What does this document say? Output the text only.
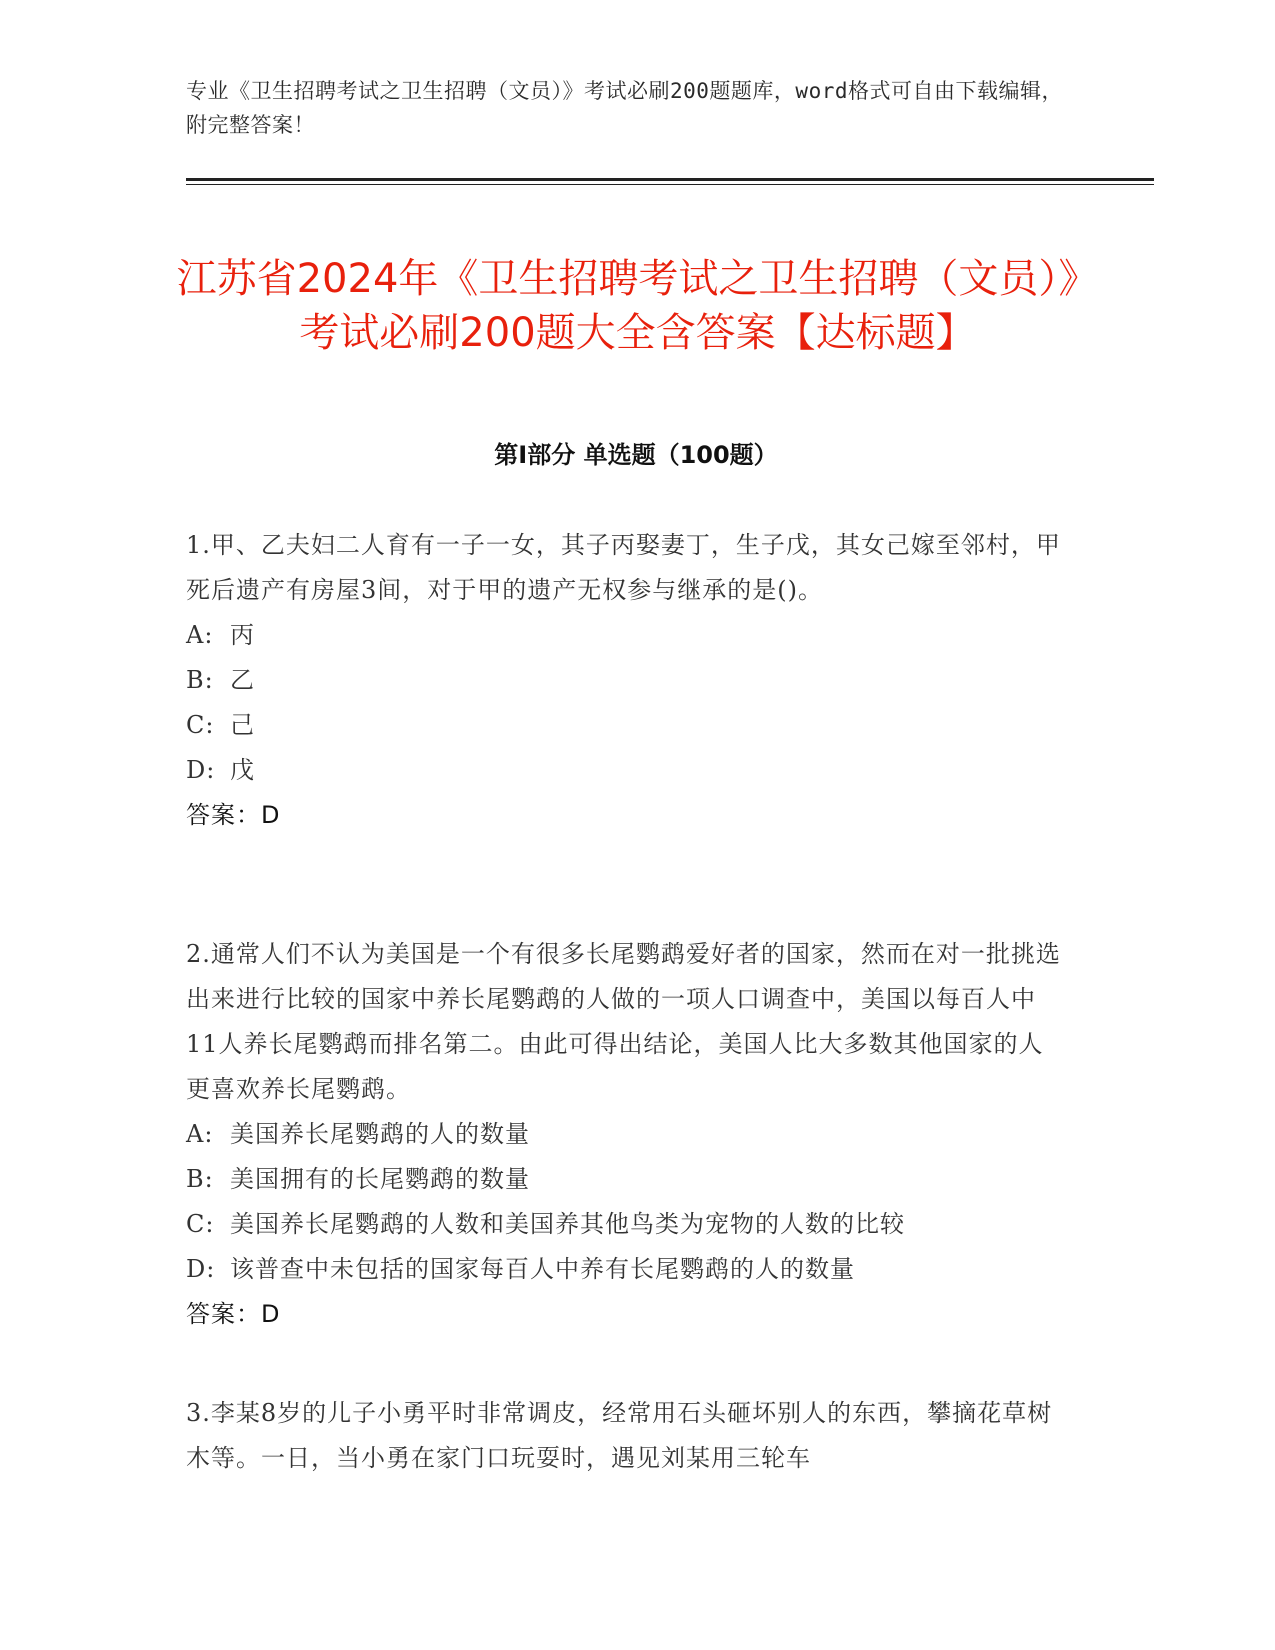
专业《卫生招聘考试之卫生招聘（文员）》考试必刷200题题库，word格式可自由下载编辑，附完整答案！
江苏省2024年《卫生招聘考试之卫生招聘（文员）》考试必刷200题大全含答案【达标题】
第I部分 单选题（100题）

1.甲、乙夫妇二人育有一子一女，其子丙娶妻丁，生子戊，其女己嫁至邻村，甲死后遗产有房屋3间，对于甲的遗产无权参与继承的是()。

A: 丙
B: 乙
C: 己
D: 戊

答案：D

2.通常人们不认为美国是一个有很多长尾鹦鹉爱好者的国家，然而在对一批挑选出来进行比较的国家中养长尾鹦鹉的人做的一项人口调查中，美国以每百人中11人养长尾鹦鹉而排名第二。由此可得出结论，美国人比大多数其他国家的人更喜欢养长尾鹦鹉。

A: 美国养长尾鹦鹉的人的数量
B: 美国拥有的长尾鹦鹉的数量
C: 美国养长尾鹦鹉的人数和美国养其他鸟类为宠物的人数的比较
D: 该普查中未包括的国家每百人中养有长尾鹦鹉的人的数量

答案：D

3.李某8岁的儿子小勇平时非常调皮，经常用石头砸坏别人的东西，攀摘花草树木等。一日，当小勇在家门口玩耍时，遇见刘某用三轮车
